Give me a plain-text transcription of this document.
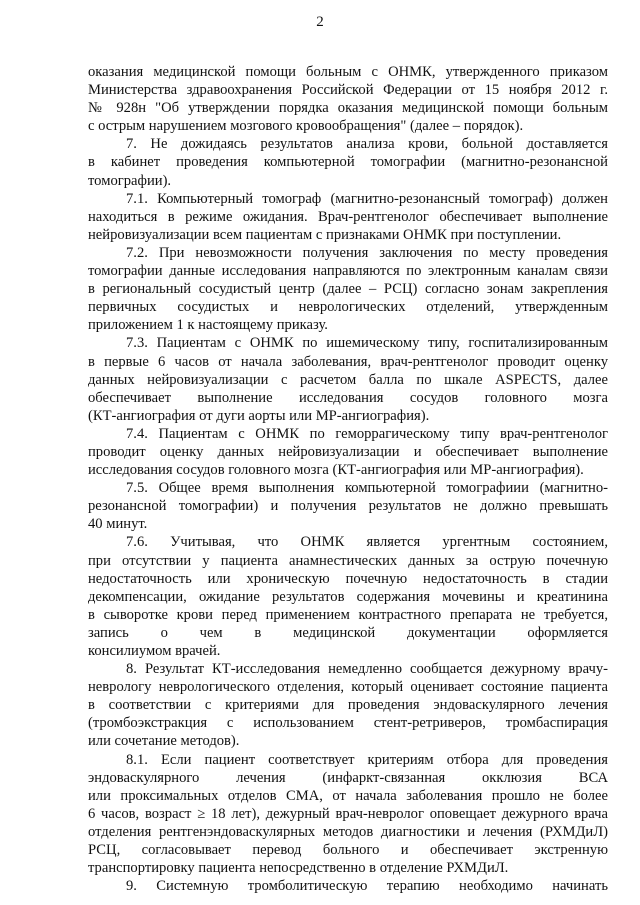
2
оказания медицинской помощи больным с ОНМК, утвержденного приказом
Министерства здравоохранения Российской Федерации от 15 ноября 2012 г.
№ 928н "Об утверждении порядка оказания медицинской помощи больным
с острым нарушением мозгового кровообращения" (далее – порядок).
7. Не дожидаясь результатов анализа крови, больной доставляется
в кабинет проведения компьютерной томографии (магнитно-резонансной
томографии).
7.1. Компьютерный томограф (магнитно-резонансный томограф) должен
находиться в режиме ожидания. Врач-рентгенолог обеспечивает выполнение
нейровизуализации всем пациентам с признаками ОНМК при поступлении.
7.2. При невозможности получения заключения по месту проведения
томографии данные исследования направляются по электронным каналам связи
в региональный сосудистый центр (далее – РСЦ) согласно зонам закрепления
первичных сосудистых и неврологических отделений, утвержденным
приложением 1 к настоящему приказу.
7.3. Пациентам с ОНМК по ишемическому типу, госпитализированным
в первые 6 часов от начала заболевания, врач-рентгенолог проводит оценку
данных нейровизуализации с расчетом балла по шкале ASPECTS, далее
обеспечивает выполнение исследования сосудов головного мозга
(КТ-ангиография от дуги аорты или МР-ангиография).
7.4. Пациентам с ОНМК по геморрагическому типу врач-рентгенолог
проводит оценку данных нейровизуализации и обеспечивает выполнение
исследования сосудов головного мозга (КТ-ангиография или МР-ангиография).
7.5. Общее время выполнения компьютерной томографиии (магнитно-
резонансной томографии) и получения результатов не должно превышать
40 минут.
7.6. Учитывая, что ОНМК является ургентным состоянием,
при отсутствии у пациента анамнестических данных за острую почечную
недостаточность или хроническую почечную недостаточность в стадии
декомпенсации, ожидание результатов содержания мочевины и креатинина
в сыворотке крови перед применением контрастного препарата не требуется,
запись о чем в медицинской документации оформляется
консилиумом врачей.
8. Результат КТ-исследования немедленно сообщается дежурному врачу-
неврологу неврологического отделения, который оценивает состояние пациента
в соответствии с критериями для проведения эндоваскулярного лечения
(тромбоэкстракция с использованием стент-ретриверов, тромбаспирация
или сочетание методов).
8.1. Если пациент соответствует критериям отбора для проведения
эндоваскулярного лечения (инфаркт-связанная окклюзия ВСА
или проксимальных отделов СМА, от начала заболевания прошло не более
6 часов, возраст ≥ 18 лет), дежурный врач-невролог оповещает дежурного врача
отделения рентгенэндоваскулярных методов диагностики и лечения (РХМДиЛ)
РСЦ, согласовывает перевод больного и обеспечивает экстренную
транспортировку пациента непосредственно в отделение РХМДиЛ.
9. Системную тромболитическую терапию необходимо начинать
